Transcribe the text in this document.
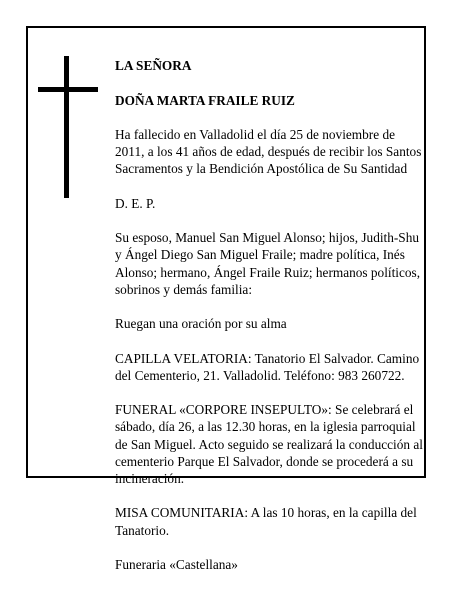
LA SEÑORA

DOÑA MARTA FRAILE RUIZ

Ha fallecido en Valladolid el día 25 de noviembre de 2011, a los 41 años de edad, después de recibir los Santos Sacramentos y la Bendición Apostólica de Su Santidad

D. E. P.

Su esposo, Manuel San Miguel Alonso; hijos, Judith-Shu y Ángel Diego San Miguel Fraile; madre política, Inés Alonso; hermano, Ángel Fraile Ruiz; hermanos políticos, sobrinos y demás familia:

Ruegan una oración por su alma

CAPILLA VELATORIA: Tanatorio El Salvador. Camino del Cementerio, 21. Valladolid. Teléfono: 983 260722.

FUNERAL «CORPORE INSEPULTO»: Se celebrará el sábado, día 26, a las 12.30 horas, en la iglesia parroquial de San Miguel. Acto seguido se realizará la conducción al cementerio Parque El Salvador, donde se procederá a su incineración.

MISA COMUNITARIA: A las 10 horas, en la capilla del Tanatorio.

Funeraria «Castellana»
